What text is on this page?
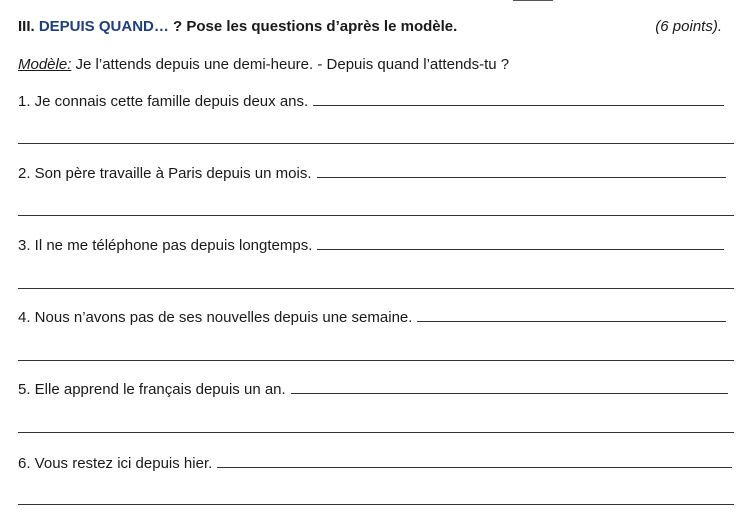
III. DEPUIS QUAND… ? Pose les questions d’après le modèle.	(6 points).
Modèle: Je l’attends depuis une demi-heure. - Depuis quand l’attends-tu ?
1. Je connais cette famille depuis deux ans.
2. Son père travaille à Paris depuis un mois.
3. Il ne me téléphone pas depuis longtemps.
4. Nous n’avons pas de ses nouvelles depuis une semaine.
5. Elle apprend le français depuis un an.
6. Vous restez ici depuis hier.
